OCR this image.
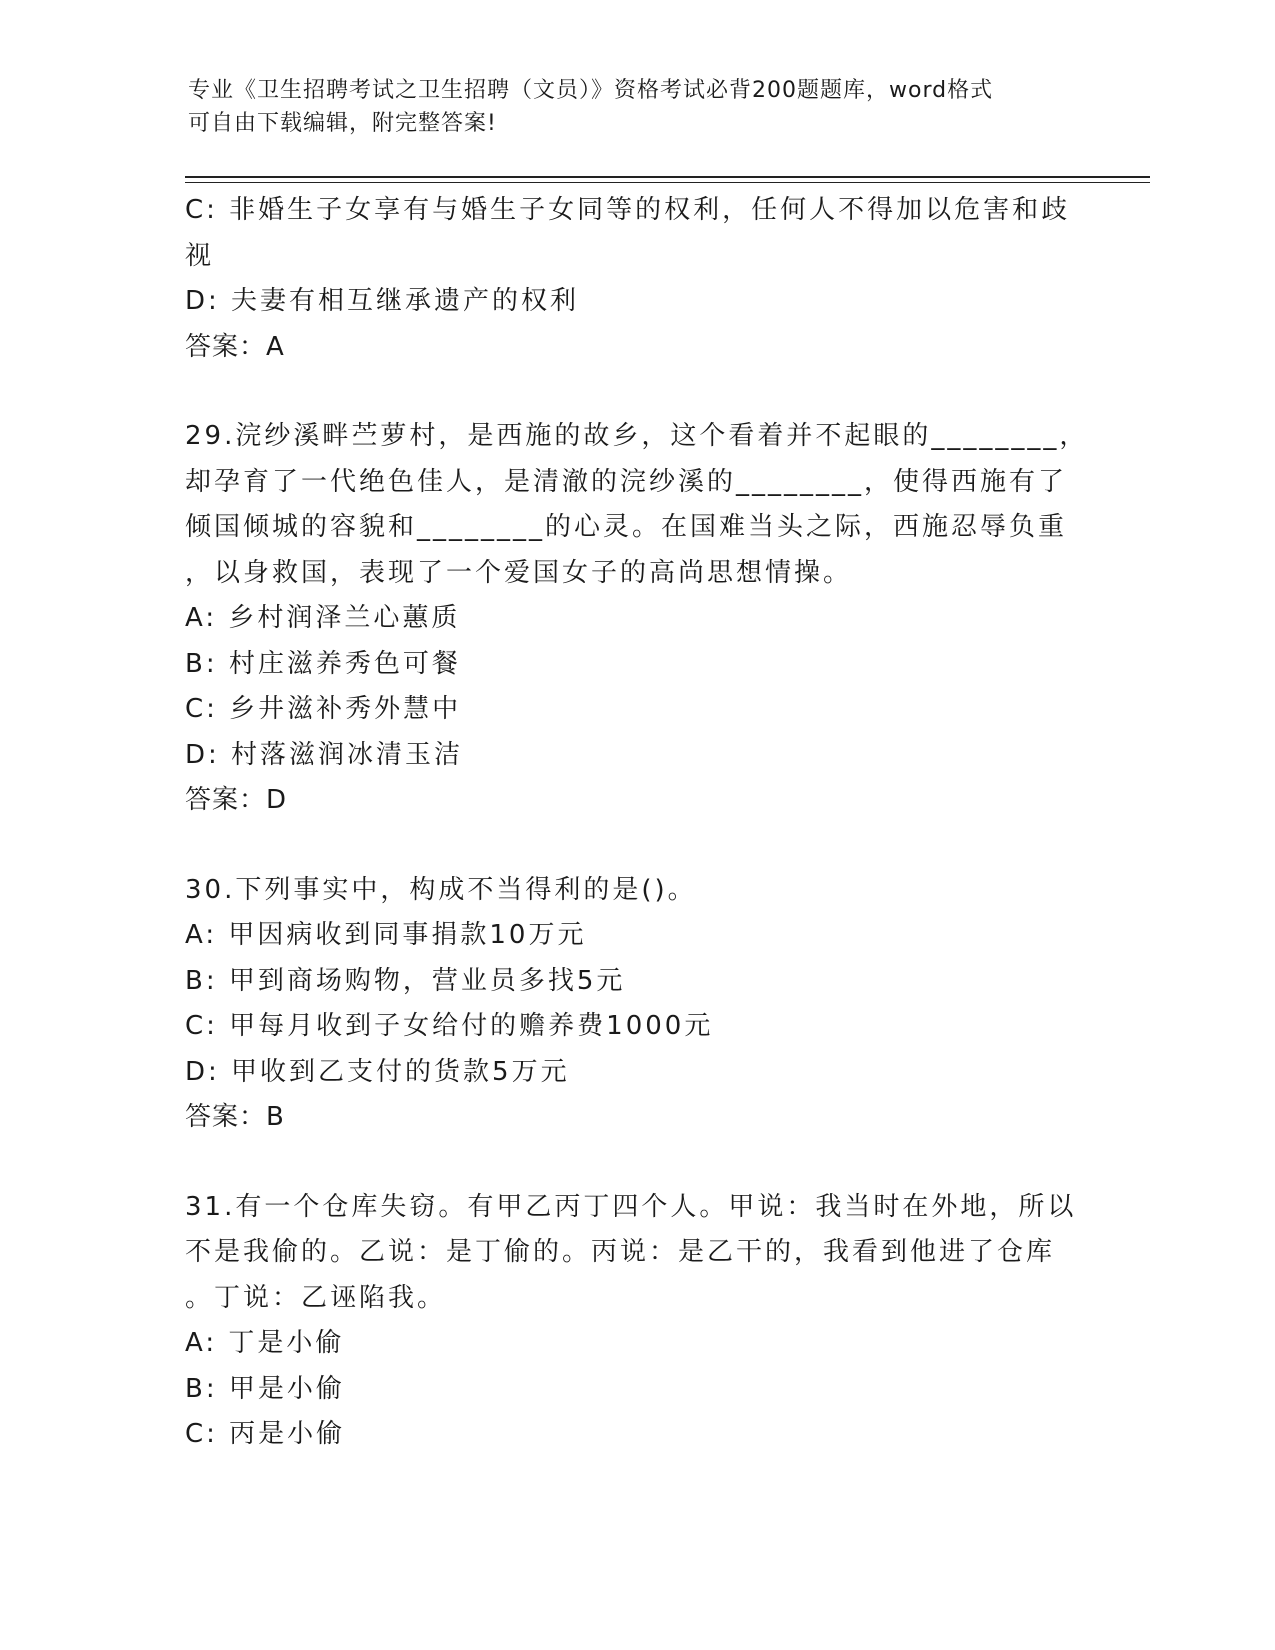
专业《卫生招聘考试之卫生招聘（文员）》资格考试必背200题题库，word格式
可自由下载编辑，附完整答案!
C: 非婚生子女享有与婚生子女同等的权利，任何人不得加以危害和歧
视
D: 夫妻有相互继承遗产的权利
答案：A
29.浣纱溪畔苎萝村，是西施的故乡，这个看着并不起眼的________，
却孕育了一代绝色佳人，是清澈的浣纱溪的________，使得西施有了
倾国倾城的容貌和________的心灵。在国难当头之际，西施忍辱负重
，以身救国，表现了一个爱国女子的高尚思想情操。
A: 乡村润泽兰心蕙质
B: 村庄滋养秀色可餐
C: 乡井滋补秀外慧中
D: 村落滋润冰清玉洁
答案：D
30.下列事实中，构成不当得利的是()。
A: 甲因病收到同事捐款10万元
B: 甲到商场购物，营业员多找5元
C: 甲每月收到子女给付的赡养费1000元
D: 甲收到乙支付的货款5万元
答案：B
31.有一个仓库失窃。有甲乙丙丁四个人。甲说：我当时在外地，所以
不是我偷的。乙说：是丁偷的。丙说：是乙干的，我看到他进了仓库
。丁说：乙诬陷我。
A: 丁是小偷
B: 甲是小偷
C: 丙是小偷
